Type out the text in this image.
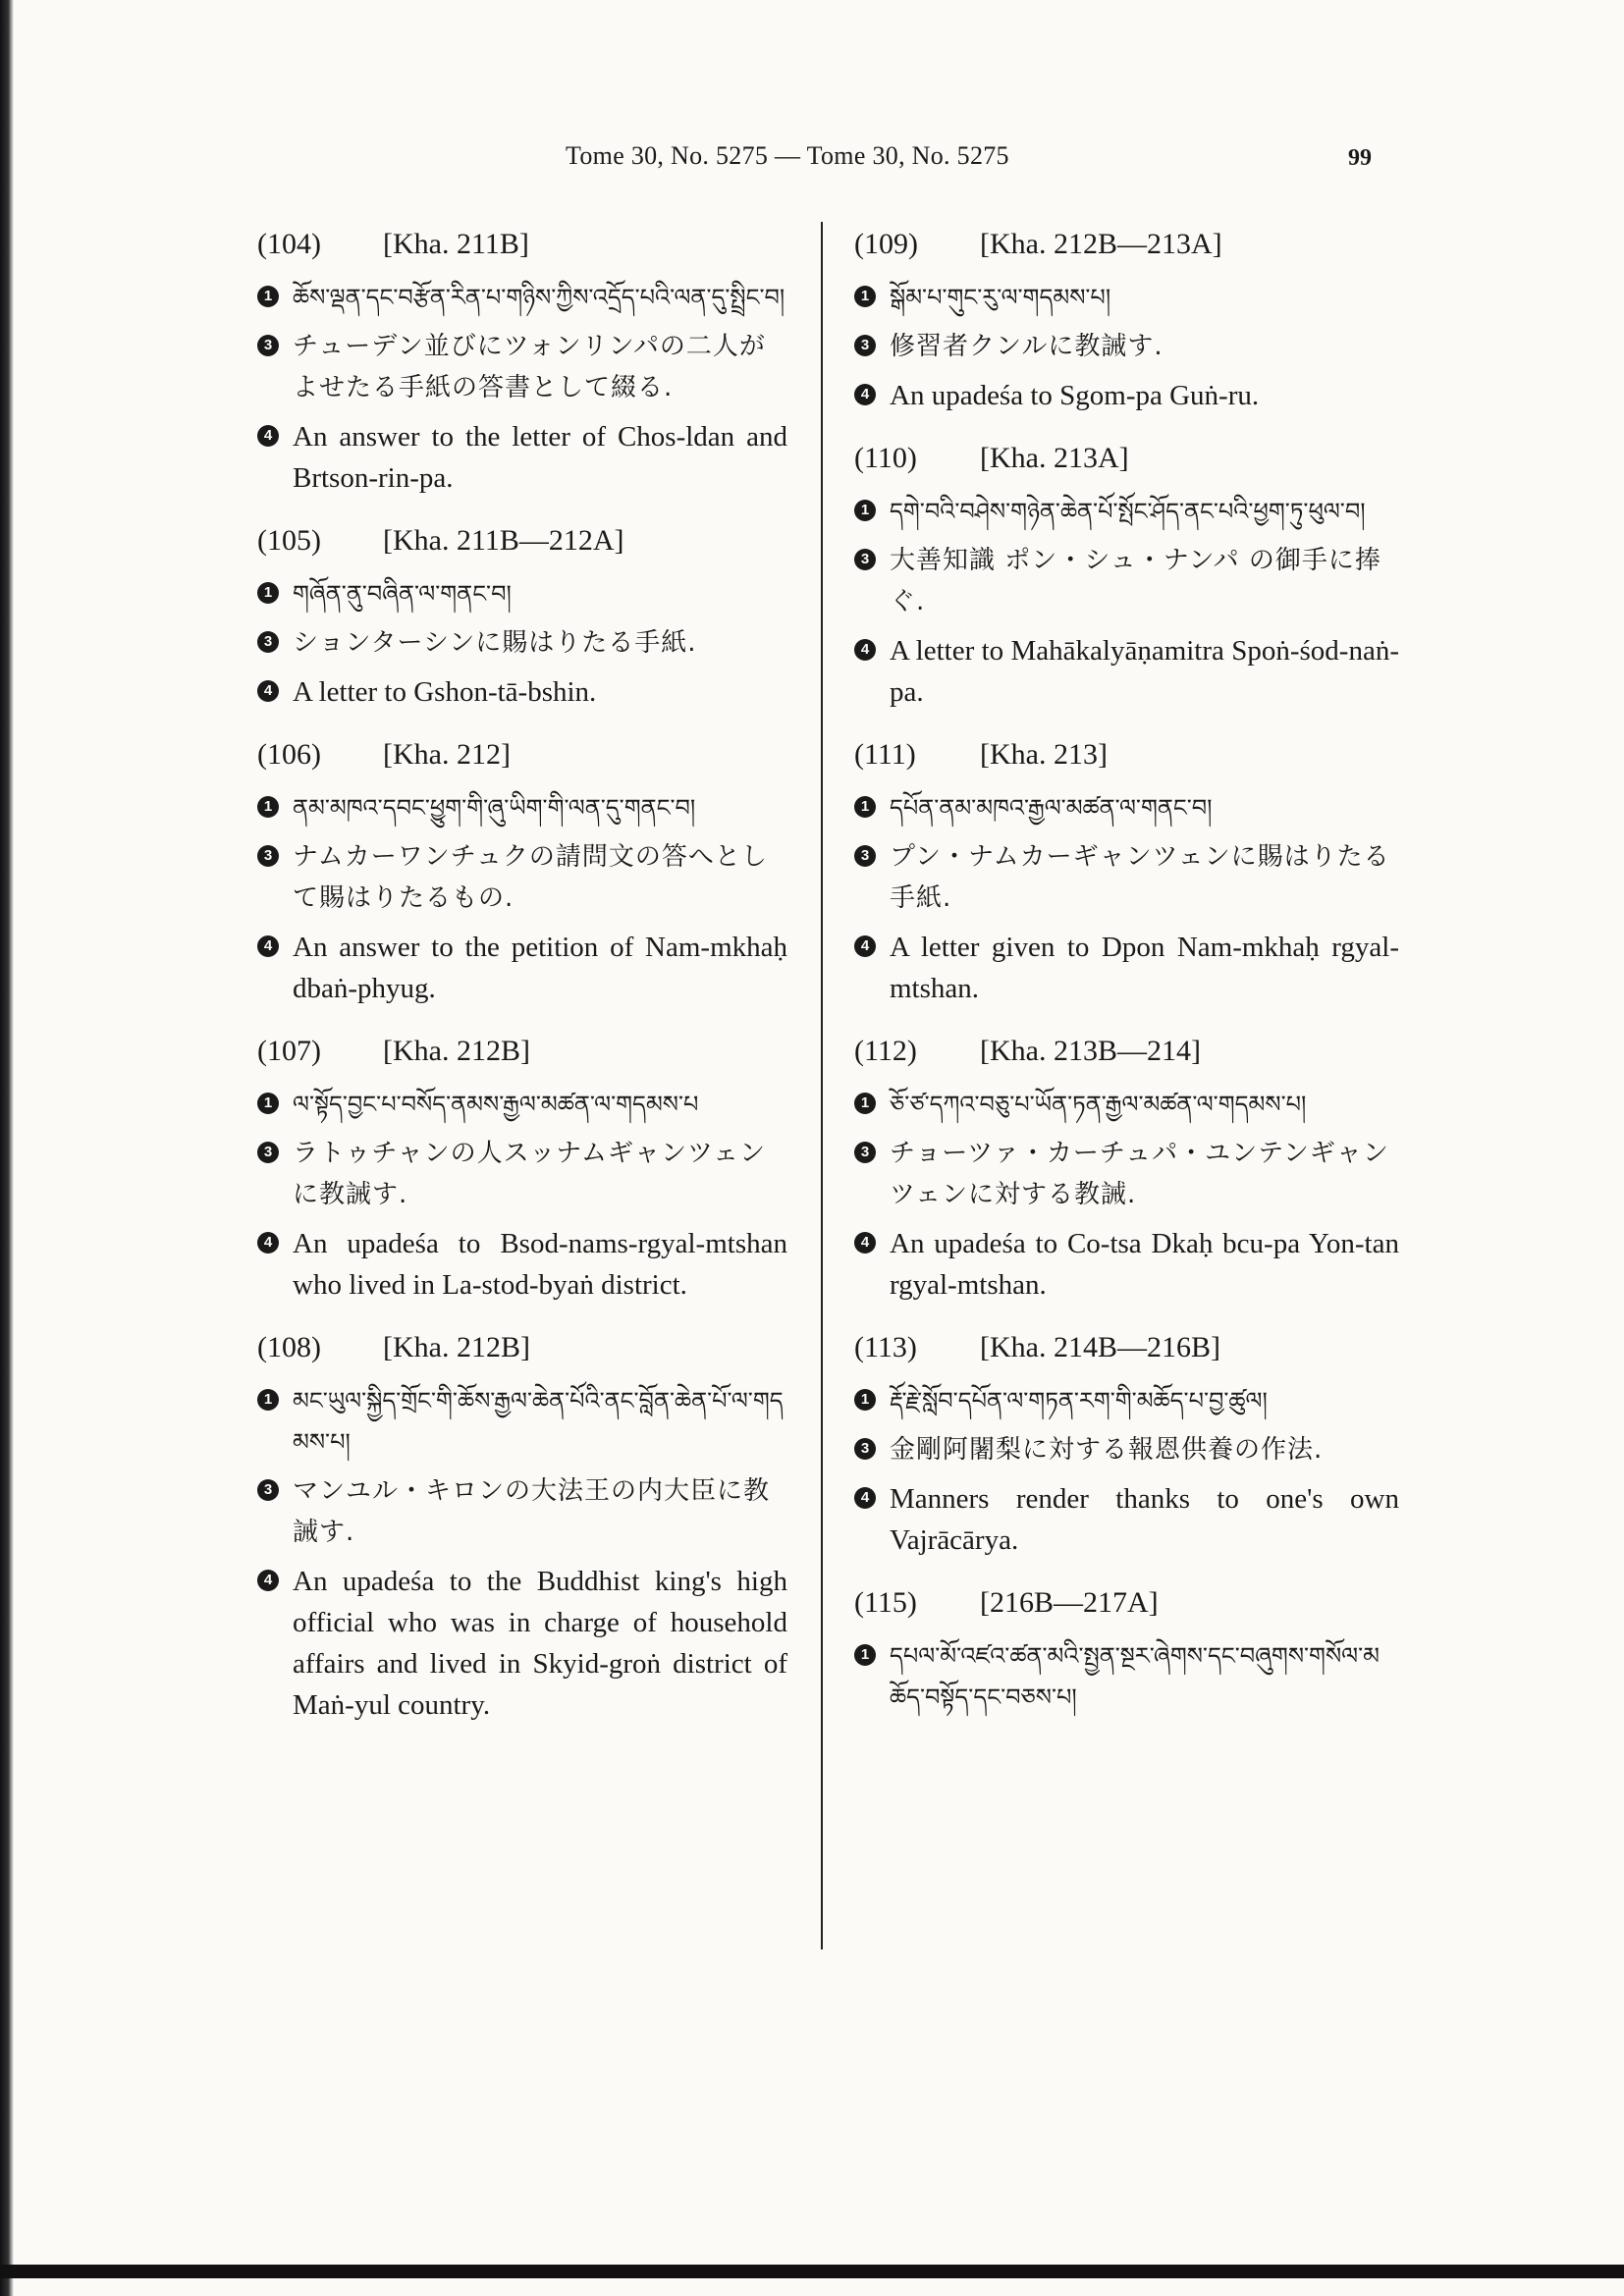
Tome 30, No. 5275 — Tome 30, No. 5275	99
(104) [Kha. 211B]
1 ཆོས་ལྡན་དང་བརྩོན་རིན་པ་གཉིས་ཀྱིས་འདྲོད་པའི་ལན་དུ་སྤྲིང་བ།
3 チューデン並びにツォンリンパの二人がよせたる手紙の答書として綴る.
4 An answer to the letter of Chos-ldan and Brtson-rin-pa.
(105) [Kha. 211B—212A]
1 གཞོན་ནུ་བཞིན་ལ་གནང་བ།
3 ションターシンに賜はりたる手紙.
4 A letter to Gshon-tā-bshin.
(106) [Kha. 212]
1 ནམ་མཁའ་དབང་ཕྱུག་གི་ཞུ་ཡིག་གི་ལན་དུ་གནང་བ།
3 ナムカーワンチュクの請問文の答へとして賜はりたるもの.
4 An answer to the petition of Nam-mkhaḥ dbaṅ-phyug.
(107) [Kha. 212B]
1 ལ་སྟོད་བྱང་པ་བསོད་ནམས་རྒྱལ་མཚན་ལ་གདམས་པ
3 ラトゥチャンの人スッナムギャンツェンに教誡す.
4 An upadeśa to Bsod-nams-rgyal-mtshan who lived in La-stod-byaṅ district.
(108) [Kha. 212B]
1 མང་ཡུལ་སྐྱིད་གྲོང་གི་ཆོས་རྒྱལ་ཆེན་པོའི་ནང་བློན་ཆེན་པོ་ལ་གདམས་པ།
3 マンユル・キロンの大法王の内大臣に教誡す.
4 An upadeśa to the Buddhist king's high official who was in charge of household affairs and lived in Skyid-groṅ district of Maṅ-yul country.
(109) [Kha. 212B—213A]
1 སྒོམ་པ་གུང་རུ་ལ་གདམས་པ།
3 修習者クンルに教誡す.
4 An upadeśa to Sgom-pa Guṅ-ru.
(110) [Kha. 213A]
1 དགེ་བའི་བཤེས་གཉེན་ཆེན་པོ་སྤོང་ཤོད་ནང་པའི་ཕྱག་ཏུ་ཕུལ་བ།
3 大善知識 ポン・シュ・ナンパ の御手に捧ぐ.
4 A letter to Mahākalyāṇamitra Spoṅ-śod-naṅ-pa.
(111) [Kha. 213]
1 དཔོན་ནམ་མཁའ་རྒྱལ་མཚན་ལ་གནང་བ།
3 プン・ナムカーギャンツェンに賜はりたる手紙.
4 A letter given to Dpon Nam-mkhaḥ rgyal-mtshan.
(112) [Kha. 213B—214]
1 ཅོ་ཙ་དཀའ་བཅུ་པ་ཡོན་ཏན་རྒྱལ་མཚན་ལ་གདམས་པ།
3 チョーツァ・カーチュパ・ユンテンギャンツェンに対する教誡.
4 An upadeśa to Co-tsa Dkaḥ bcu-pa Yon-tan rgyal-mtshan.
(113) [Kha. 214B—216B]
1 རྡོ་རྗེ་སློབ་དཔོན་ལ་གཏན་རག་གི་མཆོད་པ་བྱ་ཚུལ།
3 金剛阿闍梨に対する報恩供養の作法.
4 Manners render thanks to one's own Vajrācārya.
(115) [216B—217A]
1 དཔལ་མོ་འཛའ་ཚན་མའི་སྤྱན་སྔར་ཞེགས་དང་བཞུགས་གསོལ་མཆོད་བསྟོད་དང་བཅས་པ།
